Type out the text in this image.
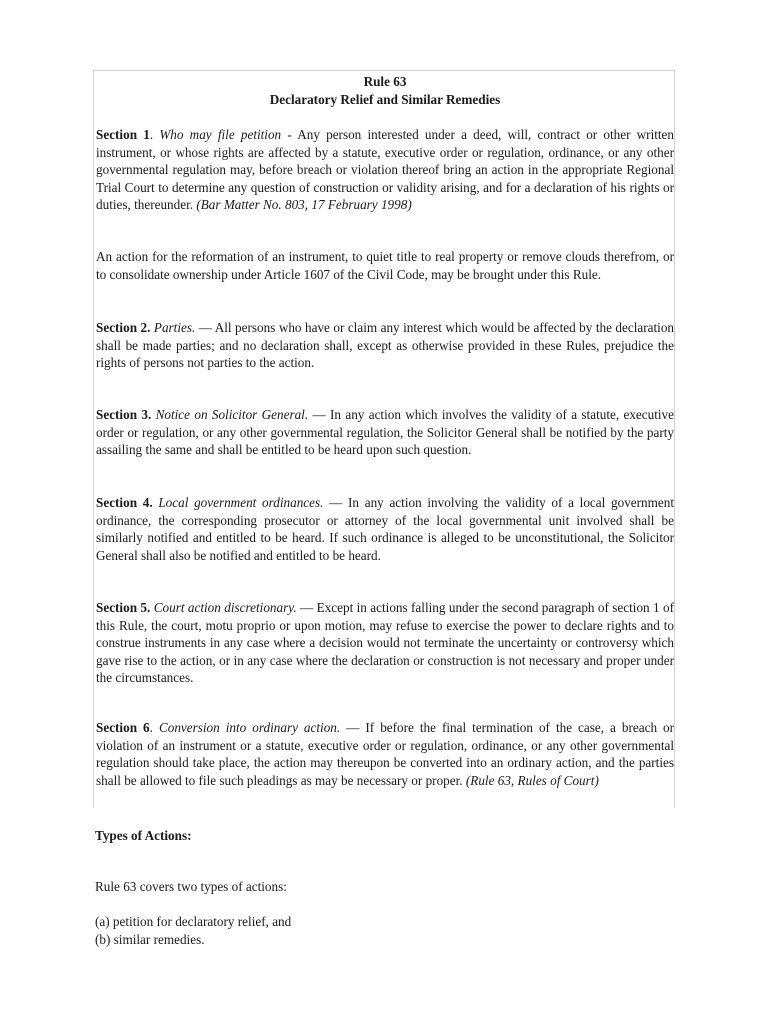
Rule 63

Declaratory Relief and Similar Remedies

Section 1. Who may file petition - Any person interested under a deed, will, contract or other written instrument, or whose rights are affected by a statute, executive order or regulation, ordinance, or any other governmental regulation may, before breach or violation thereof bring an action in the appropriate Regional Trial Court to determine any question of construction or validity arising, and for a declaration of his rights or duties, thereunder. (Bar Matter No. 803, 17 February 1998)

An action for the reformation of an instrument, to quiet title to real property or remove clouds therefrom, or to consolidate ownership under Article 1607 of the Civil Code, may be brought under this Rule.

Section 2. Parties. — All persons who have or claim any interest which would be affected by the declaration shall be made parties; and no declaration shall, except as otherwise provided in these Rules, prejudice the rights of persons not parties to the action.

Section 3. Notice on Solicitor General. — In any action which involves the validity of a statute, executive order or regulation, or any other governmental regulation, the Solicitor General shall be notified by the party assailing the same and shall be entitled to be heard upon such question.

Section 4. Local government ordinances. — In any action involving the validity of a local government ordinance, the corresponding prosecutor or attorney of the local governmental unit involved shall be similarly notified and entitled to be heard. If such ordinance is alleged to be unconstitutional, the Solicitor General shall also be notified and entitled to be heard.

Section 5. Court action discretionary. — Except in actions falling under the second paragraph of section 1 of this Rule, the court, motu proprio or upon motion, may refuse to exercise the power to declare rights and to construe instruments in any case where a decision would not terminate the uncertainty or controversy which gave rise to the action, or in any case where the declaration or construction is not necessary and proper under the circumstances.

Section 6. Conversion into ordinary action. — If before the final termination of the case, a breach or violation of an instrument or a statute, executive order or regulation, ordinance, or any other governmental regulation should take place, the action may thereupon be converted into an ordinary action, and the parties shall be allowed to file such pleadings as may be necessary or proper. (Rule 63, Rules of Court)

Types of Actions:

Rule 63 covers two types of actions:

(a) petition for declaratory relief, and

(b) similar remedies.
